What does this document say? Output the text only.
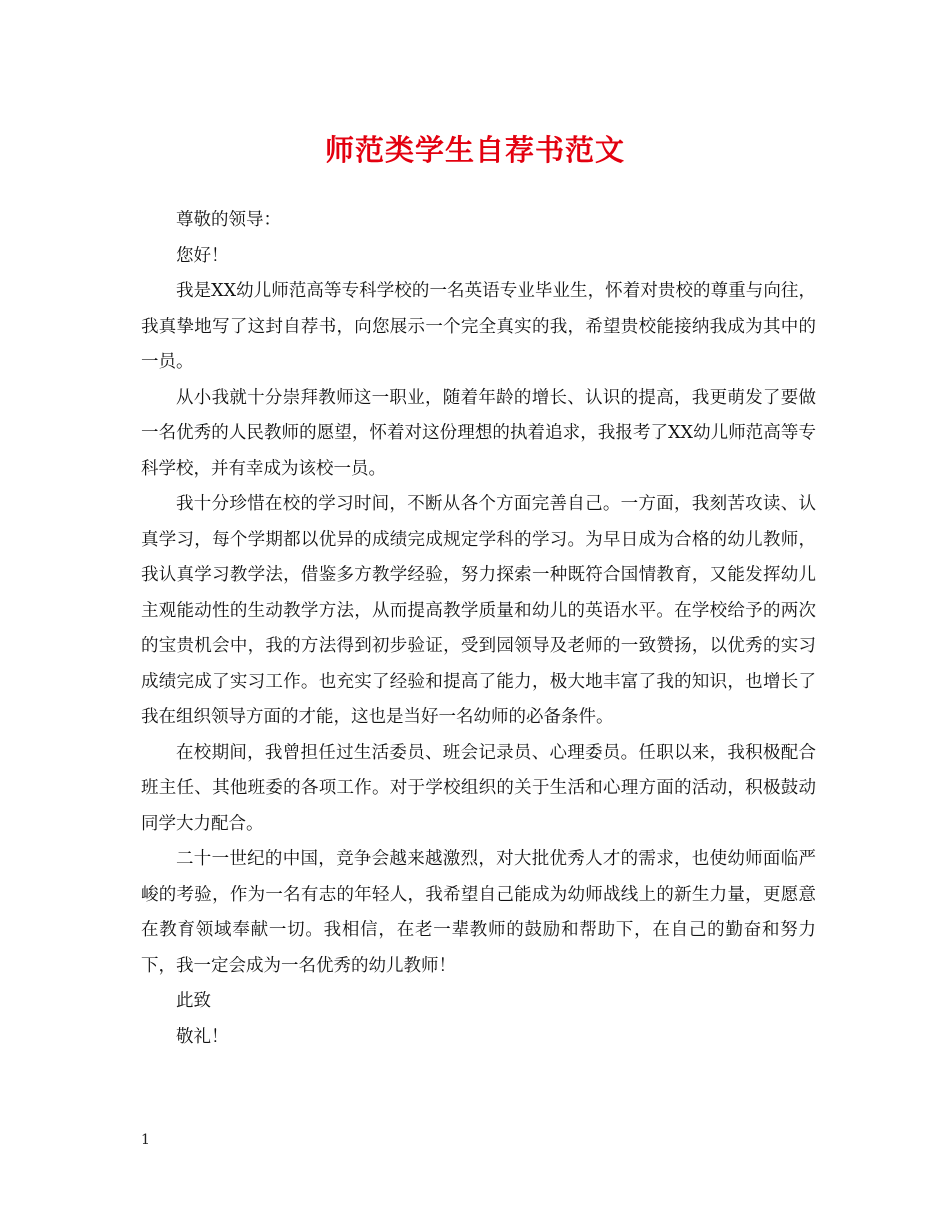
师范类学生自荐书范文

尊敬的领导：

您好！

我是XX幼儿师范高等专科学校的一名英语专业毕业生，怀着对贵校的尊重与向往，我真挚地写了这封自荐书，向您展示一个完全真实的我，希望贵校能接纳我成为其中的一员。

从小我就十分崇拜教师这一职业，随着年龄的增长、认识的提高，我更萌发了要做一名优秀的人民教师的愿望，怀着对这份理想的执着追求，我报考了XX幼儿师范高等专科学校，并有幸成为该校一员。

我十分珍惜在校的学习时间，不断从各个方面完善自己。一方面，我刻苦攻读、认真学习，每个学期都以优异的成绩完成规定学科的学习。为早日成为合格的幼儿教师，我认真学习教学法，借鉴多方教学经验，努力探索一种既符合国情教育，又能发挥幼儿主观能动性的生动教学方法，从而提高教学质量和幼儿的英语水平。在学校给予的两次的宝贵机会中，我的方法得到初步验证，受到园领导及老师的一致赞扬，以优秀的实习成绩完成了实习工作。也充实了经验和提高了能力，极大地丰富了我的知识，也增长了我在组织领导方面的才能，这也是当好一名幼师的必备条件。

在校期间，我曾担任过生活委员、班会记录员、心理委员。任职以来，我积极配合班主任、其他班委的各项工作。对于学校组织的关于生活和心理方面的活动，积极鼓动同学大力配合。

二十一世纪的中国，竞争会越来越激烈，对大批优秀人才的需求，也使幼师面临严峻的考验，作为一名有志的年轻人，我希望自己能成为幼师战线上的新生力量，更愿意在教育领域奉献一切。我相信，在老一辈教师的鼓励和帮助下，在自己的勤奋和努力下，我一定会成为一名优秀的幼儿教师！

此致

敬礼！

1
